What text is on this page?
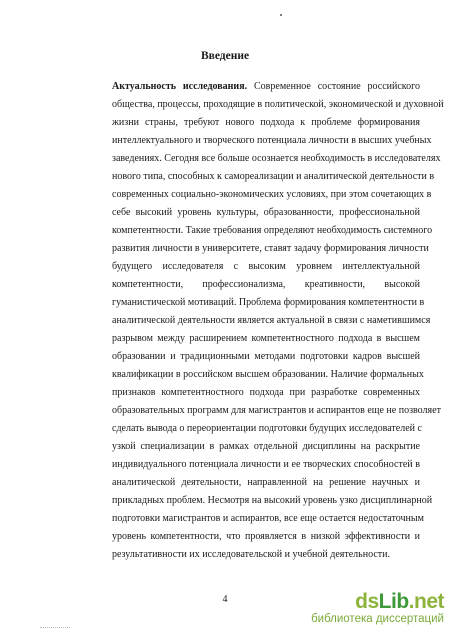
Введение
Актуальность исследования. Современное состояние российского
общества, процессы, проходящие в политической, экономической и духовной
жизни страны, требуют нового подхода к проблеме формирования
интеллектуального и творческого потенциала личности в высших учебных
заведениях. Сегодня все больше осознается необходимость в исследователях
нового типа, способных к самореализации и аналитической деятельности в
современных социально-экономических условиях, при этом сочетающих в
себе высокий уровень культуры, образованности, профессиональной
компетентности. Такие требования определяют необходимость системного
развития личности в университете, ставят задачу формирования личности
будущего исследователя с высоким уровнем интеллектуальной
компетентности, профессионализма, креативности, высокой
гуманистической мотиваций. Проблема формирования компетентности в
аналитической деятельности является актуальной в связи с наметившимся
разрывом между расширением компетентностного подхода в высшем
образовании и традиционными методами подготовки кадров высшей
квалификации в российском высшем образовании. Наличие формальных
признаков компетентностного подхода при разработке современных
образовательных программ для магистрантов и аспирантов еще не позволяет
сделать вывода о переориентации подготовки будущих исследователей с
узкой специализации в рамках отдельной дисциплины на раскрытие
индивидуального потенциала личности и ее творческих способностей в
аналитической деятельности, направленной на решение научных и
прикладных проблем. Несмотря на высокий уровень узко дисциплинарной
подготовки магистрантов и аспирантов, все еще остается недостаточным
уровень компетентности, что проявляется в низкой эффективности и
результативности их исследовательской и учебной деятельности.
4	dsLib.net
библиотека диссертаций
